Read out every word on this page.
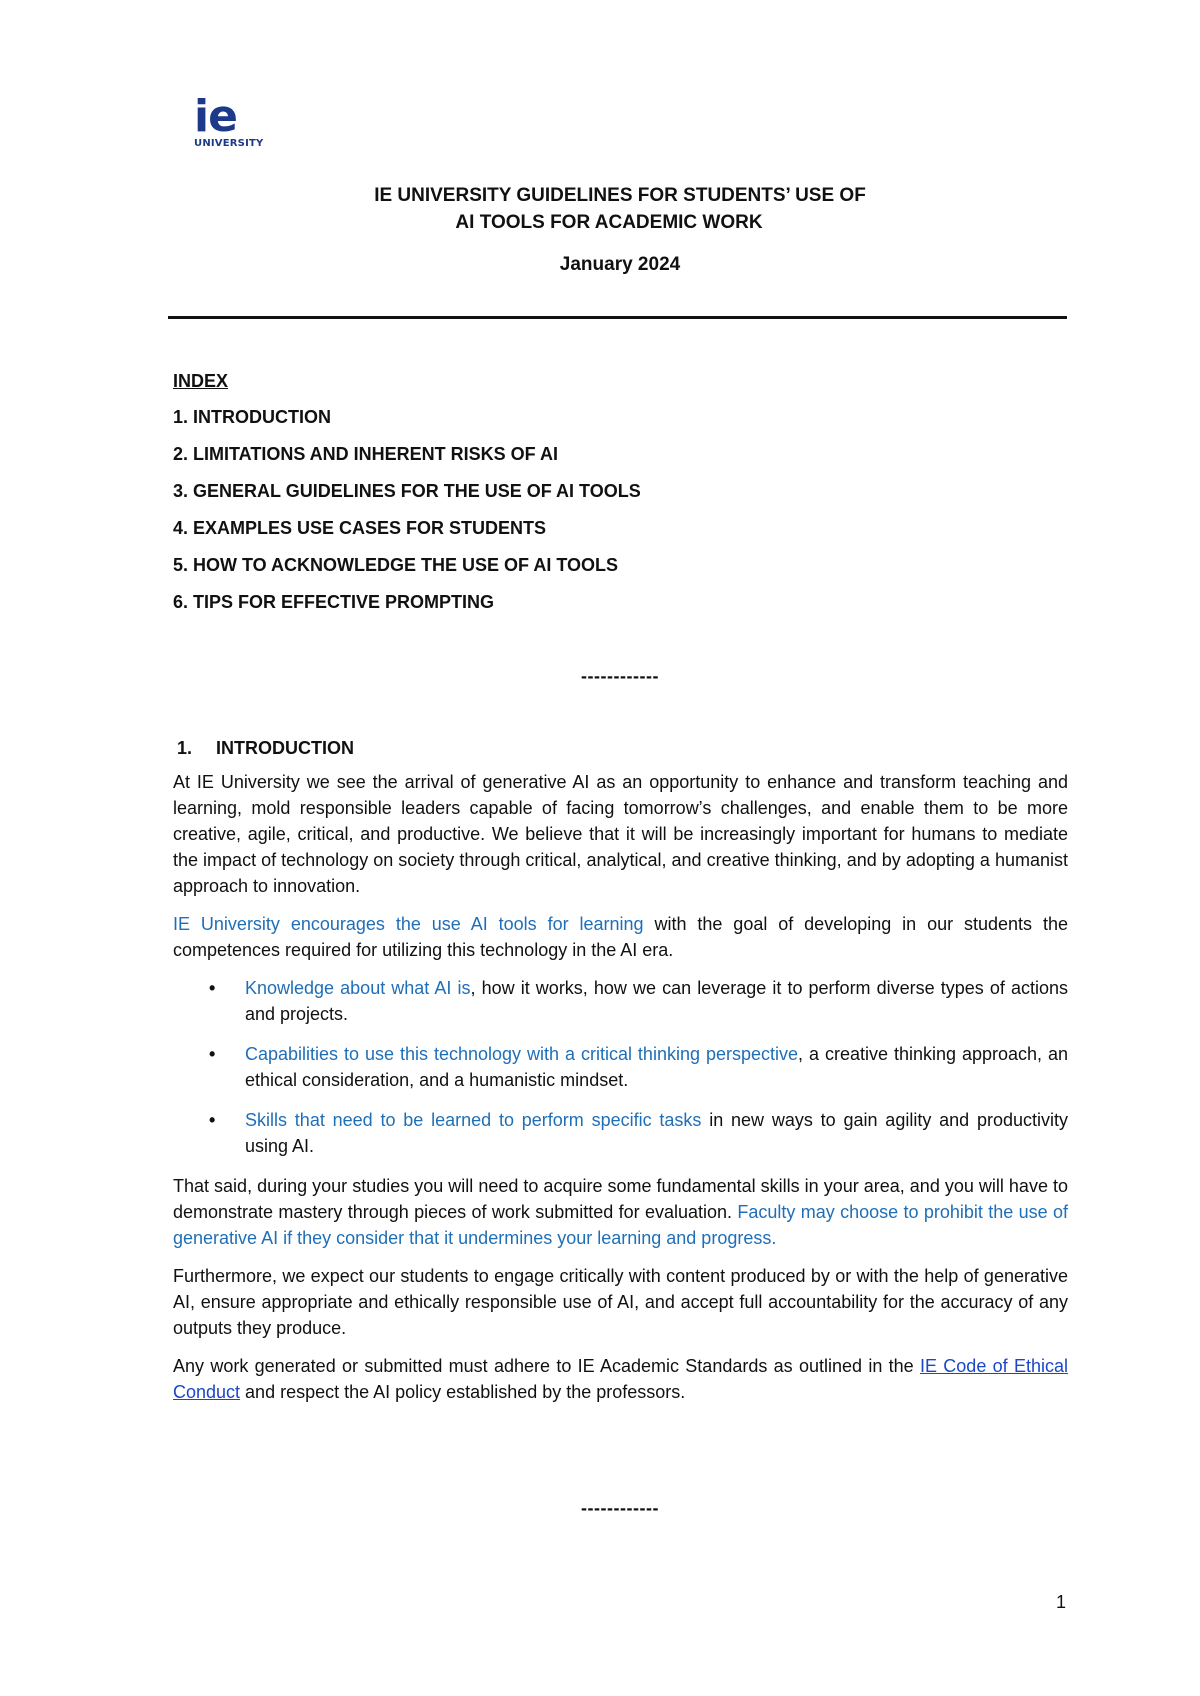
ie
UNIVERSITY
IE UNIVERSITY GUIDELINES FOR STUDENTS’ USE OF
AI TOOLS FOR ACADEMIC WORK
January 2024
INDEX
1. INTRODUCTION
2. LIMITATIONS AND INHERENT RISKS OF AI
3. GENERAL GUIDELINES FOR THE USE OF AI TOOLS
4. EXAMPLES USE CASES FOR STUDENTS
5. HOW TO ACKNOWLEDGE THE USE OF AI TOOLS
6. TIPS FOR EFFECTIVE PROMPTING
------------
1. INTRODUCTION

At IE University we see the arrival of generative AI as an opportunity to enhance and transform teaching and learning, mold responsible leaders capable of facing tomorrow’s challenges, and enable them to be more creative, agile, critical, and productive. We believe that it will be increasingly important for humans to mediate the impact of technology on society through critical, analytical, and creative thinking, and by adopting a humanist approach to innovation.

IE University encourages the use AI tools for learning with the goal of developing in our students the competences required for utilizing this technology in the AI era.

• Knowledge about what AI is, how it works, how we can leverage it to perform diverse types of actions and projects.
• Capabilities to use this technology with a critical thinking perspective, a creative thinking approach, an ethical consideration, and a humanistic mindset.
• Skills that need to be learned to perform specific tasks in new ways to gain agility and productivity using AI.

That said, during your studies you will need to acquire some fundamental skills in your area, and you will have to demonstrate mastery through pieces of work submitted for evaluation. Faculty may choose to prohibit the use of generative AI if they consider that it undermines your learning and progress.

Furthermore, we expect our students to engage critically with content produced by or with the help of generative AI, ensure appropriate and ethically responsible use of AI, and accept full accountability for the accuracy of any outputs they produce.

Any work generated or submitted must adhere to IE Academic Standards as outlined in the IE Code of Ethical Conduct and respect the AI policy established by the professors.

------------
1
